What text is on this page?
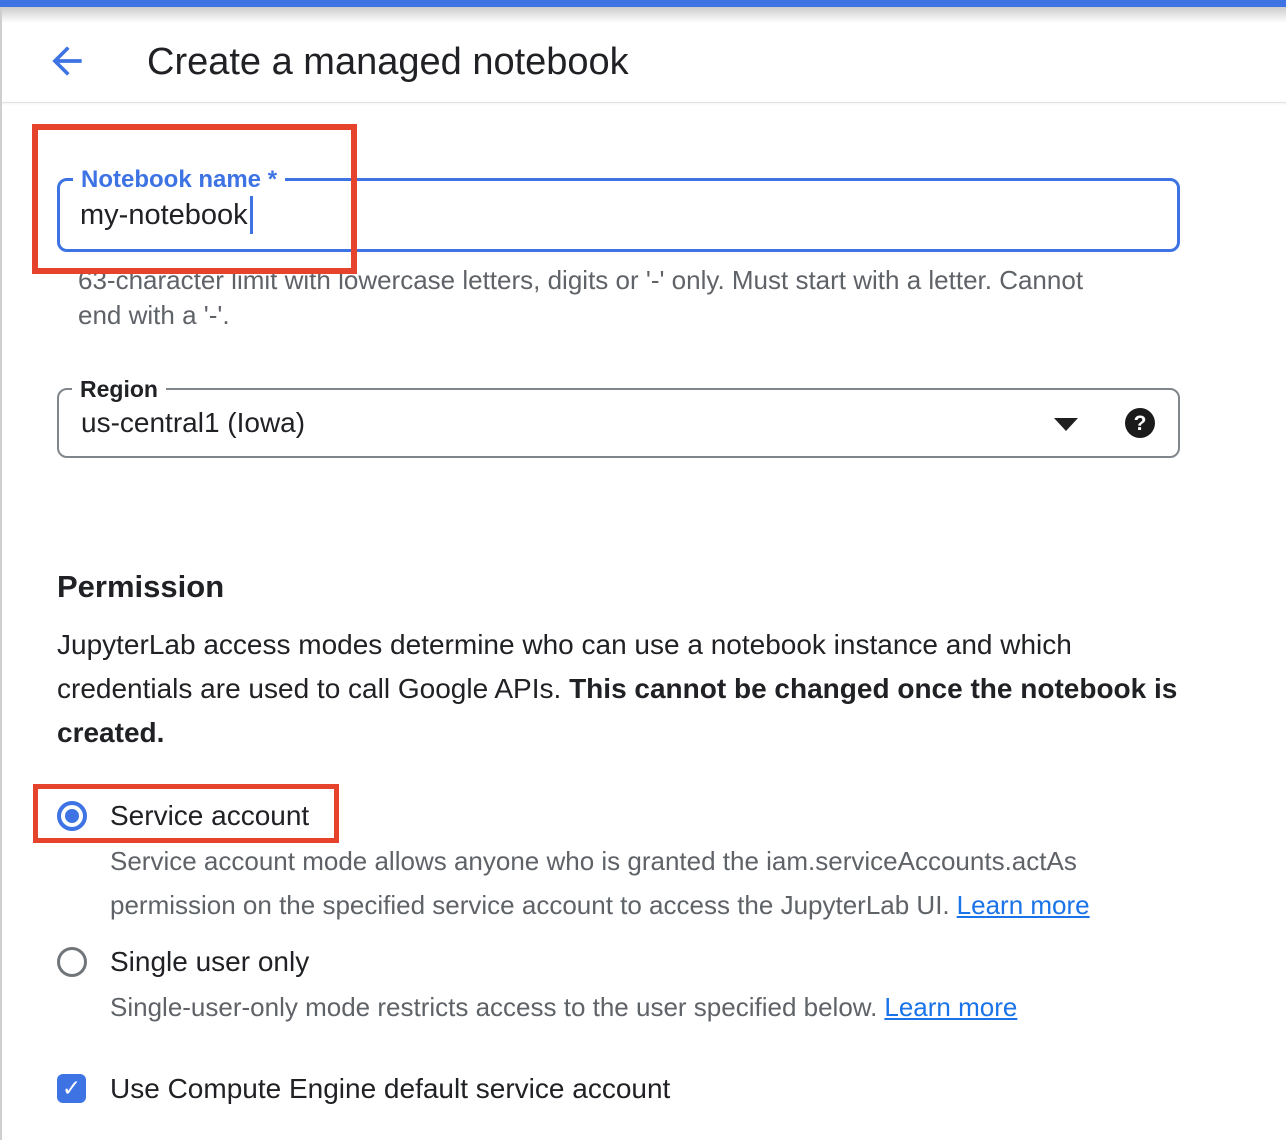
Create a managed notebook
Notebook name *
my-notebook
63-character limit with lowercase letters, digits or '-' only. Must start with a letter. Cannot end with a '-'.
Region
us-central1 (Iowa)	?
Permission

JupyterLab access modes determine who can use a notebook instance and which credentials are used to call Google APIs. This cannot be changed once the notebook is created.

Service account
Service account mode allows anyone who is granted the iam.serviceAccounts.actAs permission on the specified service account to access the JupyterLab UI. Learn more
Single user only
Single-user-only mode restricts access to the user specified below. Learn more
✓ Use Compute Engine default service account
